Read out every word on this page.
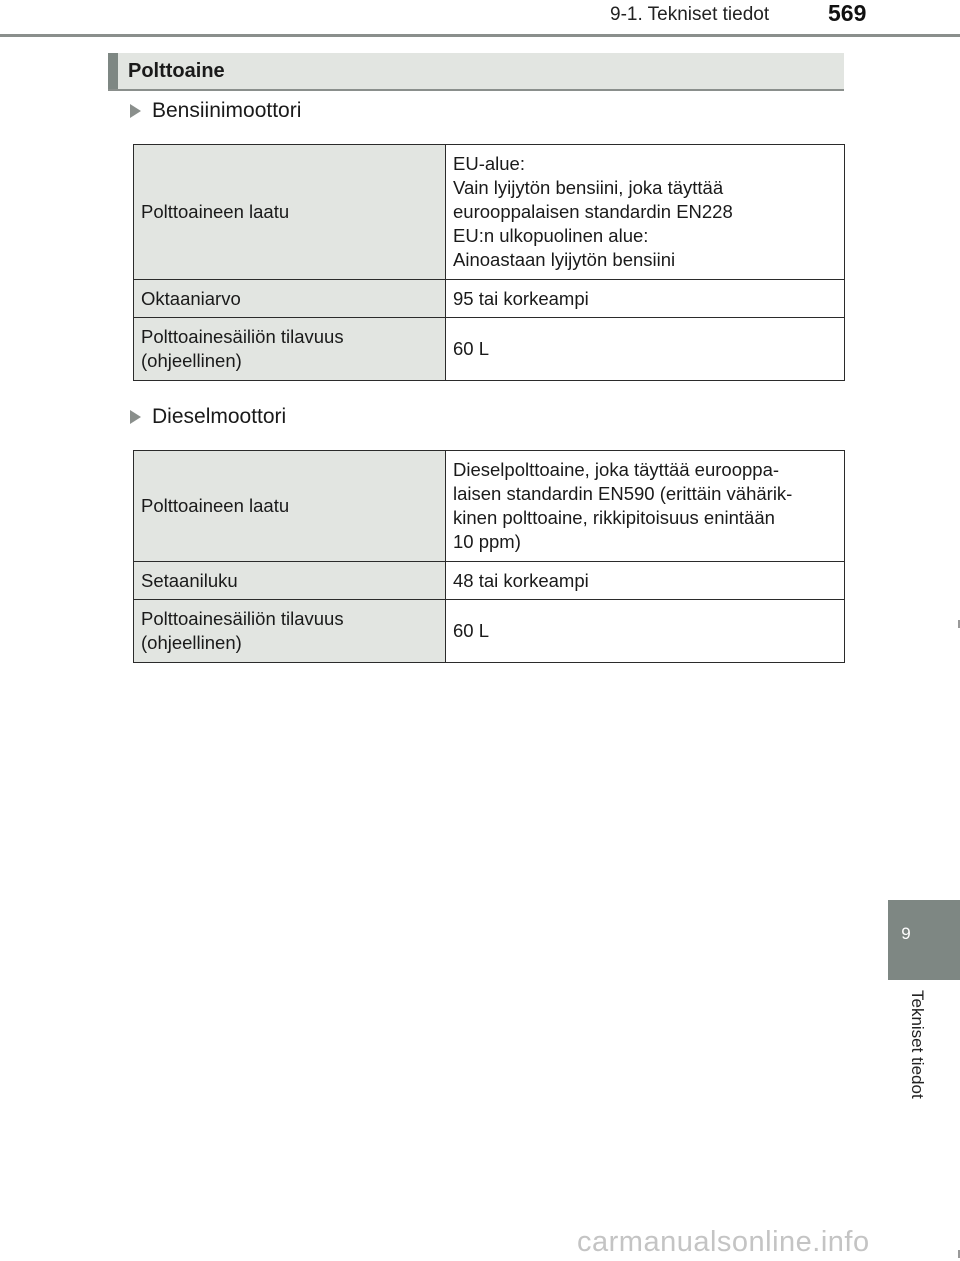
9-1. Tekniset tiedot	569
Polttoaine
Bensiinimoottori
Polttoaineen laatu	EU-alue:
Vain lyijytön bensiini, joka täyttää
eurooppalaisen standardin EN228
EU:n ulkopuolinen alue:
Ainoastaan lyijytön bensiini

Oktaaniarvo	95 tai korkeampi

Polttoainesäiliön tilavuus
(ohjeellinen)	60 L
Dieselmoottori
Polttoaineen laatu	Dieselpolttoaine, joka täyttää eurooppa-
laisen standardin EN590 (erittäin vähärik-
kinen polttoaine, rikkipitoisuus enintään
10 ppm)

Setaaniluku	48 tai korkeampi

Polttoainesäiliön tilavuus
(ohjeellinen)	60 L
9
Tekniset tiedot
carmanualsonline.info
